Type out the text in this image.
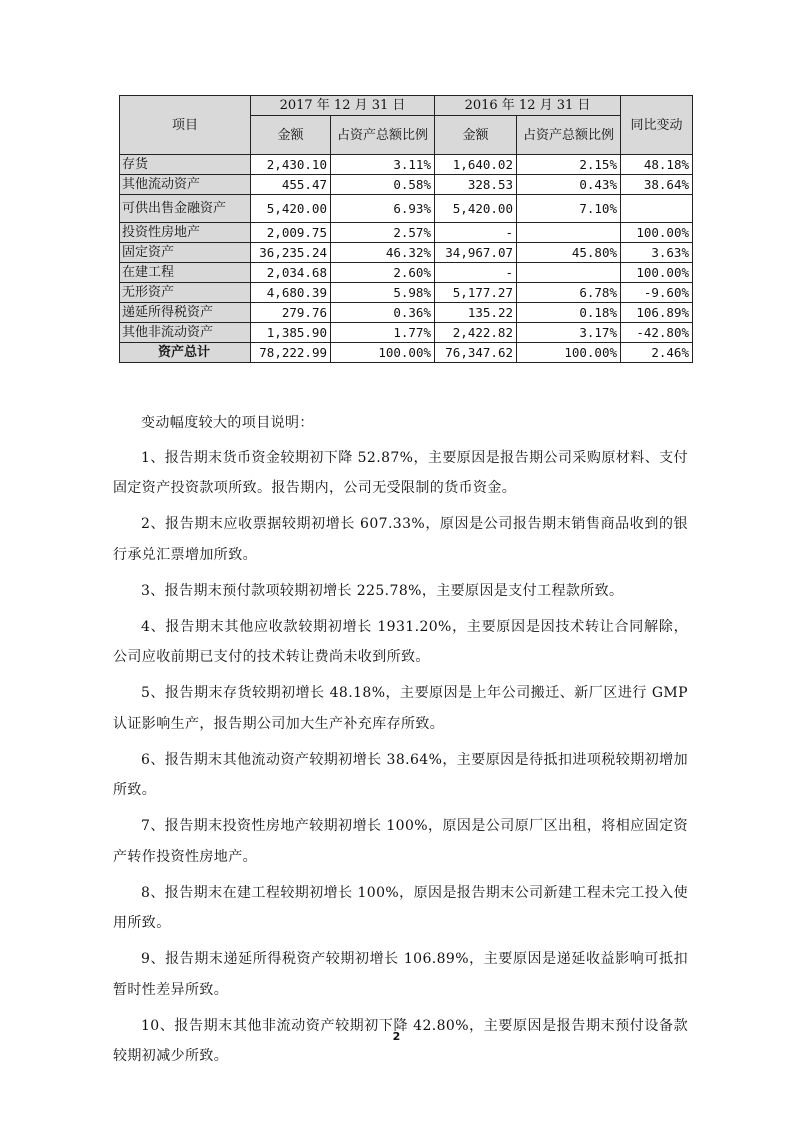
项目	2017 年 12 月 31 日		2016 年 12 月 31 日		同比变动
	金额	占资产总额比例	金额	占资产总额比例	
存货	2,430.10	3.11%	1,640.02	2.15%	48.18%
其他流动资产	455.47	0.58%	328.53	0.43%	38.64%
可供出售金融资产	5,420.00	6.93%	5,420.00	7.10%	
投资性房地产	2,009.75	2.57%	-		100.00%
固定资产	36,235.24	46.32%	34,967.07	45.80%	3.63%
在建工程	2,034.68	2.60%	-		100.00%
无形资产	4,680.39	5.98%	5,177.27	6.78%	-9.60%
递延所得税资产	279.76	0.36%	135.22	0.18%	106.89%
其他非流动资产	1,385.90	1.77%	2,422.82	3.17%	-42.80%
资产总计	78,222.99	100.00%	76,347.62	100.00%	2.46%

变动幅度较大的项目说明：

1、报告期末货币资金较期初下降 52.87%，主要原因是报告期公司采购原材料、支付固定资产投资款项所致。报告期内，公司无受限制的货币资金。

2、报告期末应收票据较期初增长 607.33%，原因是公司报告期末销售商品收到的银行承兑汇票增加所致。

3、报告期末预付款项较期初增长 225.78%，主要原因是支付工程款所致。

4、报告期末其他应收款较期初增长 1931.20%，主要原因是因技术转让合同解除，公司应收前期已支付的技术转让费尚未收到所致。

5、报告期末存货较期初增长 48.18%，主要原因是上年公司搬迁、新厂区进行 GMP 认证影响生产，报告期公司加大生产补充库存所致。

6、报告期末其他流动资产较期初增长 38.64%，主要原因是待抵扣进项税较期初增加所致。

7、报告期末投资性房地产较期初增长 100%，原因是公司原厂区出租，将相应固定资产转作投资性房地产。

8、报告期末在建工程较期初增长 100%，原因是报告期末公司新建工程未完工投入使用所致。

9、报告期末递延所得税资产较期初增长 106.89%，主要原因是递延收益影响可抵扣暂时性差异所致。

10、报告期末其他非流动资产较期初下降 42.80%，主要原因是报告期末预付设备款较期初减少所致。

2
